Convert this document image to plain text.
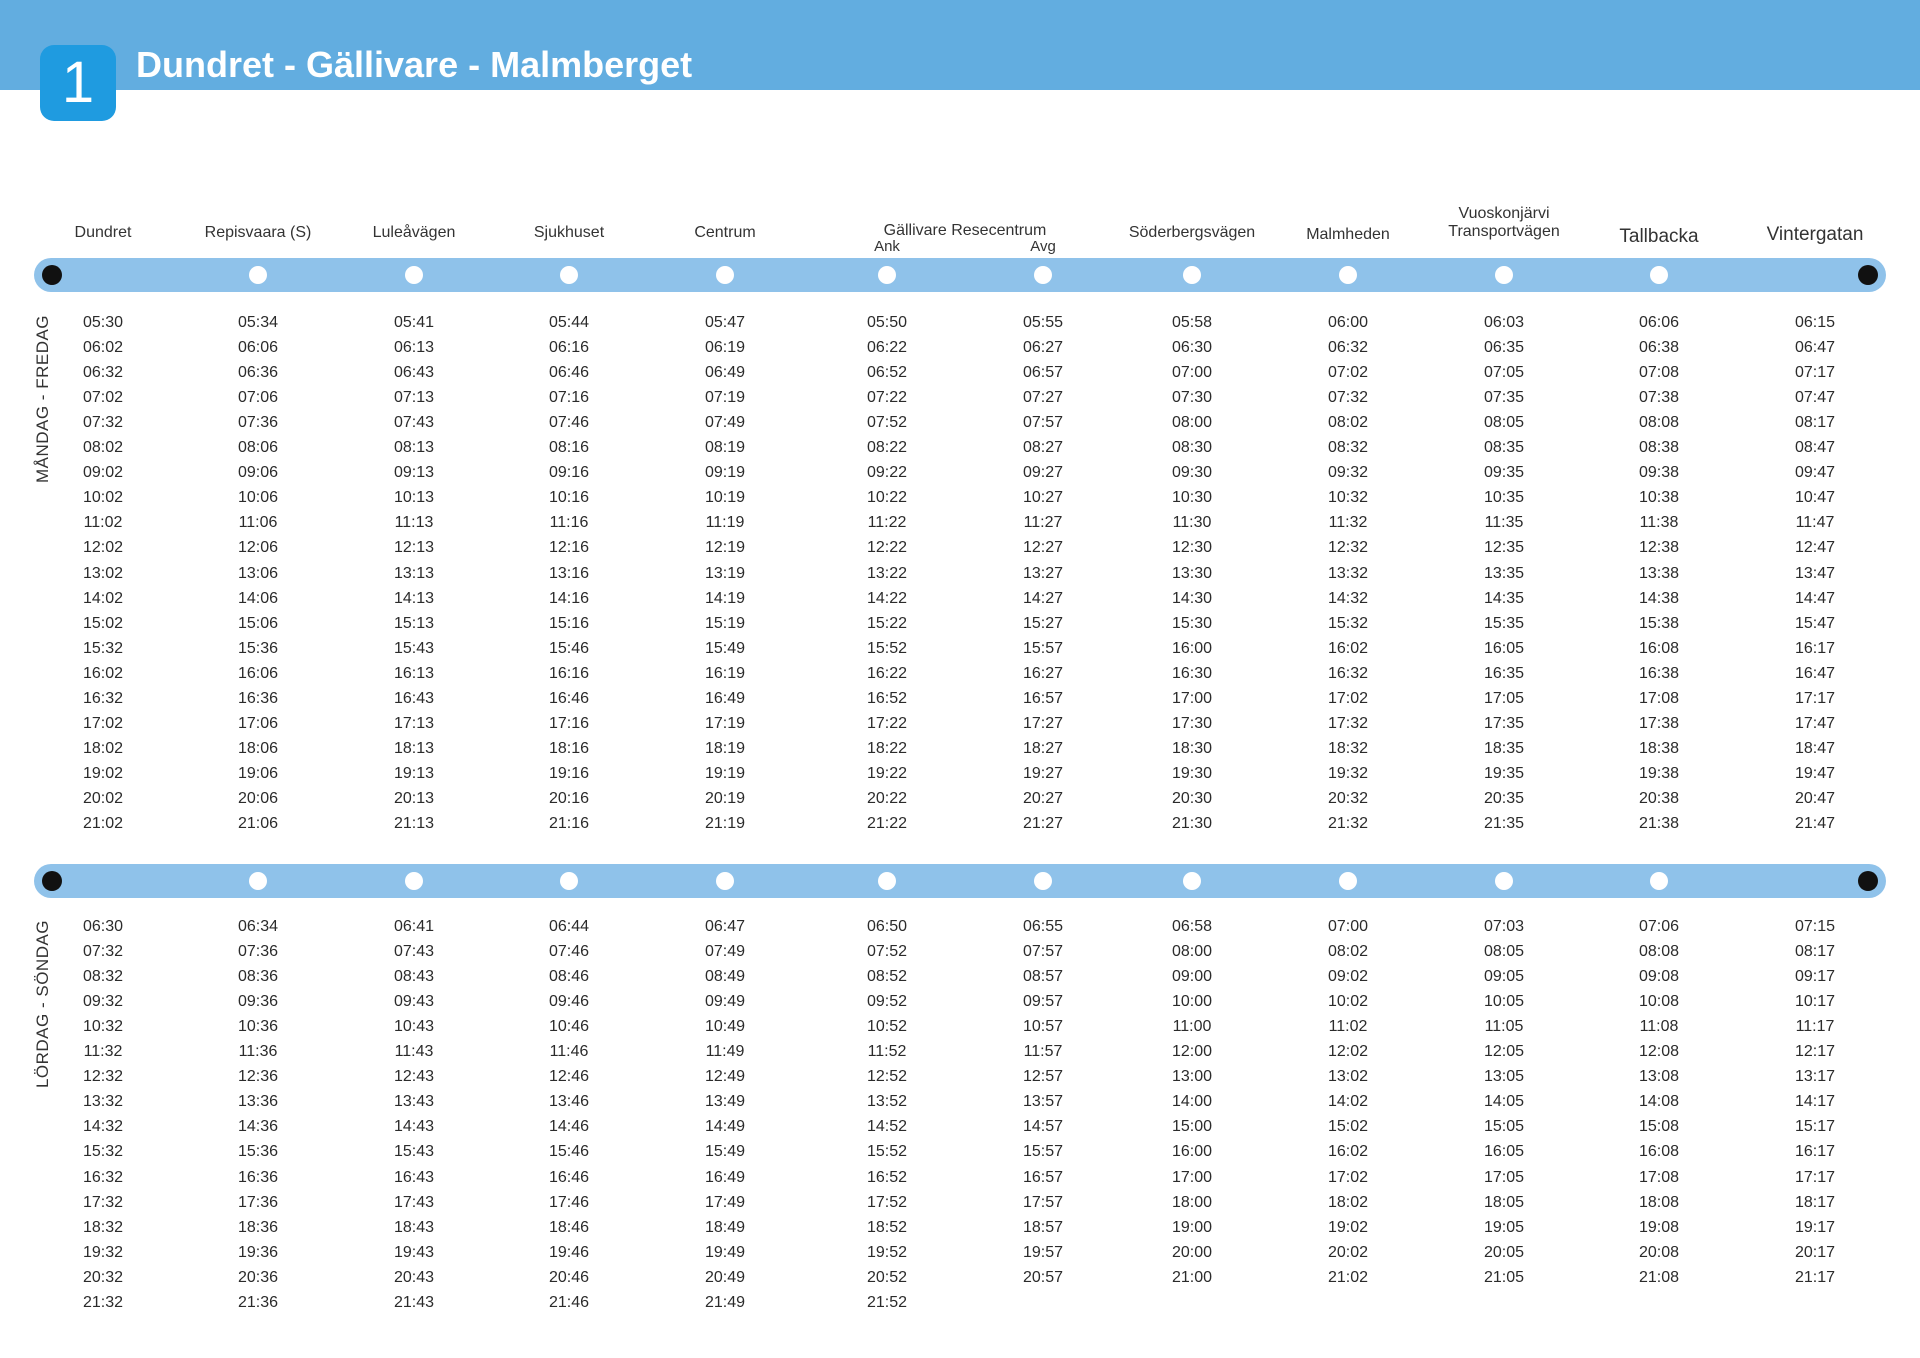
1	Dundret - Gällivare - Malmberget
Dundret	Repisvaara (S)	Luleåvägen	Sjukhuset	Centrum	Gällivare Resecentrum	Söderbergsvägen	Malmheden
Vuoskonjärvi
Transportvägen	Tallbacka	Vintergatan
Ank	Avg
MÅNDAG - FREDAG
LÖRDAG - SÖNDAG
05:30	05:34	05:41	05:44	05:47	05:50	05:55	05:58	06:00	06:03	06:06	06:15
06:02	06:06	06:13	06:16	06:19	06:22	06:27	06:30	06:32	06:35	06:38	06:47
06:32	06:36	06:43	06:46	06:49	06:52	06:57	07:00	07:02	07:05	07:08	07:17
07:02	07:06	07:13	07:16	07:19	07:22	07:27	07:30	07:32	07:35	07:38	07:47
07:32	07:36	07:43	07:46	07:49	07:52	07:57	08:00	08:02	08:05	08:08	08:17
08:02	08:06	08:13	08:16	08:19	08:22	08:27	08:30	08:32	08:35	08:38	08:47
09:02	09:06	09:13	09:16	09:19	09:22	09:27	09:30	09:32	09:35	09:38	09:47
10:02	10:06	10:13	10:16	10:19	10:22	10:27	10:30	10:32	10:35	10:38	10:47
11:02	11:06	11:13	11:16	11:19	11:22	11:27	11:30	11:32	11:35	11:38	11:47
12:02	12:06	12:13	12:16	12:19	12:22	12:27	12:30	12:32	12:35	12:38	12:47
13:02	13:06	13:13	13:16	13:19	13:22	13:27	13:30	13:32	13:35	13:38	13:47
14:02	14:06	14:13	14:16	14:19	14:22	14:27	14:30	14:32	14:35	14:38	14:47
15:02	15:06	15:13	15:16	15:19	15:22	15:27	15:30	15:32	15:35	15:38	15:47
15:32	15:36	15:43	15:46	15:49	15:52	15:57	16:00	16:02	16:05	16:08	16:17
16:02	16:06	16:13	16:16	16:19	16:22	16:27	16:30	16:32	16:35	16:38	16:47
16:32	16:36	16:43	16:46	16:49	16:52	16:57	17:00	17:02	17:05	17:08	17:17
17:02	17:06	17:13	17:16	17:19	17:22	17:27	17:30	17:32	17:35	17:38	17:47
18:02	18:06	18:13	18:16	18:19	18:22	18:27	18:30	18:32	18:35	18:38	18:47
19:02	19:06	19:13	19:16	19:19	19:22	19:27	19:30	19:32	19:35	19:38	19:47
20:02	20:06	20:13	20:16	20:19	20:22	20:27	20:30	20:32	20:35	20:38	20:47
21:02	21:06	21:13	21:16	21:19	21:22	21:27	21:30	21:32	21:35	21:38	21:47
06:30	06:34	06:41	06:44	06:47	06:50	06:55	06:58	07:00	07:03	07:06	07:15
07:32	07:36	07:43	07:46	07:49	07:52	07:57	08:00	08:02	08:05	08:08	08:17
08:32	08:36	08:43	08:46	08:49	08:52	08:57	09:00	09:02	09:05	09:08	09:17
09:32	09:36	09:43	09:46	09:49	09:52	09:57	10:00	10:02	10:05	10:08	10:17
10:32	10:36	10:43	10:46	10:49	10:52	10:57	11:00	11:02	11:05	11:08	11:17
11:32	11:36	11:43	11:46	11:49	11:52	11:57	12:00	12:02	12:05	12:08	12:17
12:32	12:36	12:43	12:46	12:49	12:52	12:57	13:00	13:02	13:05	13:08	13:17
13:32	13:36	13:43	13:46	13:49	13:52	13:57	14:00	14:02	14:05	14:08	14:17
14:32	14:36	14:43	14:46	14:49	14:52	14:57	15:00	15:02	15:05	15:08	15:17
15:32	15:36	15:43	15:46	15:49	15:52	15:57	16:00	16:02	16:05	16:08	16:17
16:32	16:36	16:43	16:46	16:49	16:52	16:57	17:00	17:02	17:05	17:08	17:17
17:32	17:36	17:43	17:46	17:49	17:52	17:57	18:00	18:02	18:05	18:08	18:17
18:32	18:36	18:43	18:46	18:49	18:52	18:57	19:00	19:02	19:05	19:08	19:17
19:32	19:36	19:43	19:46	19:49	19:52	19:57	20:00	20:02	20:05	20:08	20:17
20:32	20:36	20:43	20:46	20:49	20:52	20:57	21:00	21:02	21:05	21:08	21:17
21:32	21:36	21:43	21:46	21:49	21:52
